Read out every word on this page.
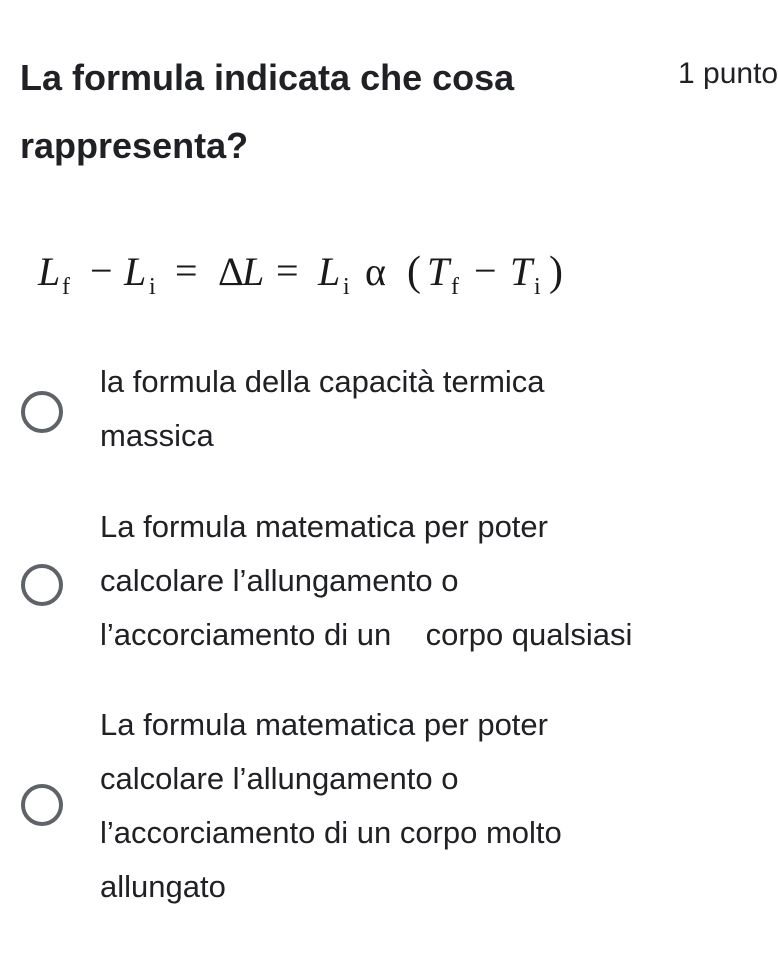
La formula indicata che cosa rappresenta?
1 punto
L f − L i = Δ
L = L i α ( T f − T i )
la formula della capacità termica
massica
La formula matematica per poter
calcolare l’allungamento o
l’accorciamento di un    corpo qualsiasi
La formula matematica per poter
calcolare l’allungamento o
l’accorciamento di un corpo molto
allungato
